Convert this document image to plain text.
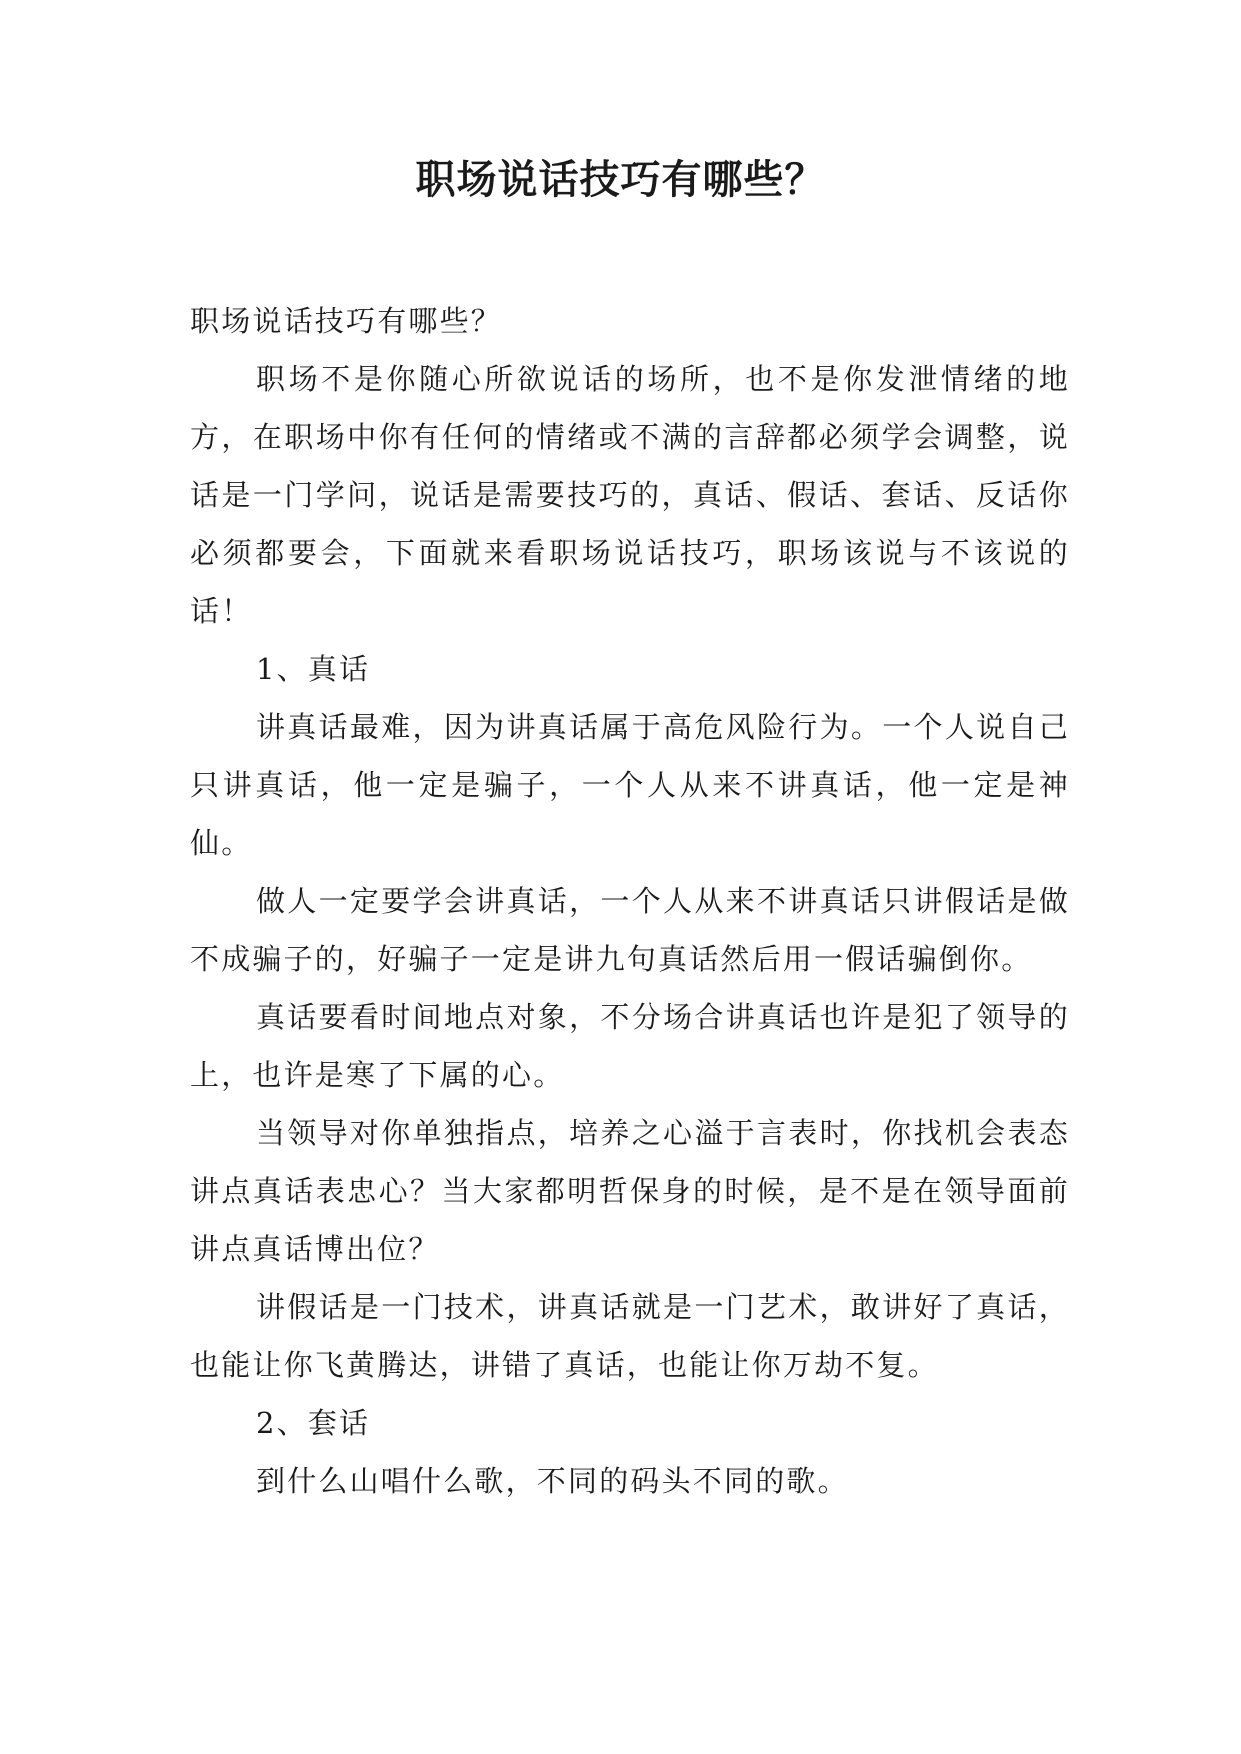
职场说话技巧有哪些？

职场说话技巧有哪些？

职场不是你随心所欲说话的场所，也不是你发泄情绪的地方，在职场中你有任何的情绪或不满的言辞都必须学会调整，说话是一门学问，说话是需要技巧的，真话、假话、套话、反话你必须都要会，下面就来看职场说话技巧，职场该说与不该说的话！

1、真话

讲真话最难，因为讲真话属于高危风险行为。一个人说自己只讲真话，他一定是骗子，一个人从来不讲真话，他一定是神仙。

做人一定要学会讲真话，一个人从来不讲真话只讲假话是做不成骗子的，好骗子一定是讲九句真话然后用一假话骗倒你。

真话要看时间地点对象，不分场合讲真话也许是犯了领导的上，也许是寒了下属的心。

当领导对你单独指点，培养之心溢于言表时，你找机会表态讲点真话表忠心？当大家都明哲保身的时候，是不是在领导面前讲点真话博出位？

讲假话是一门技术，讲真话就是一门艺术，敢讲好了真话，也能让你飞黄腾达，讲错了真话，也能让你万劫不复。

2、套话

到什么山唱什么歌，不同的码头不同的歌。
